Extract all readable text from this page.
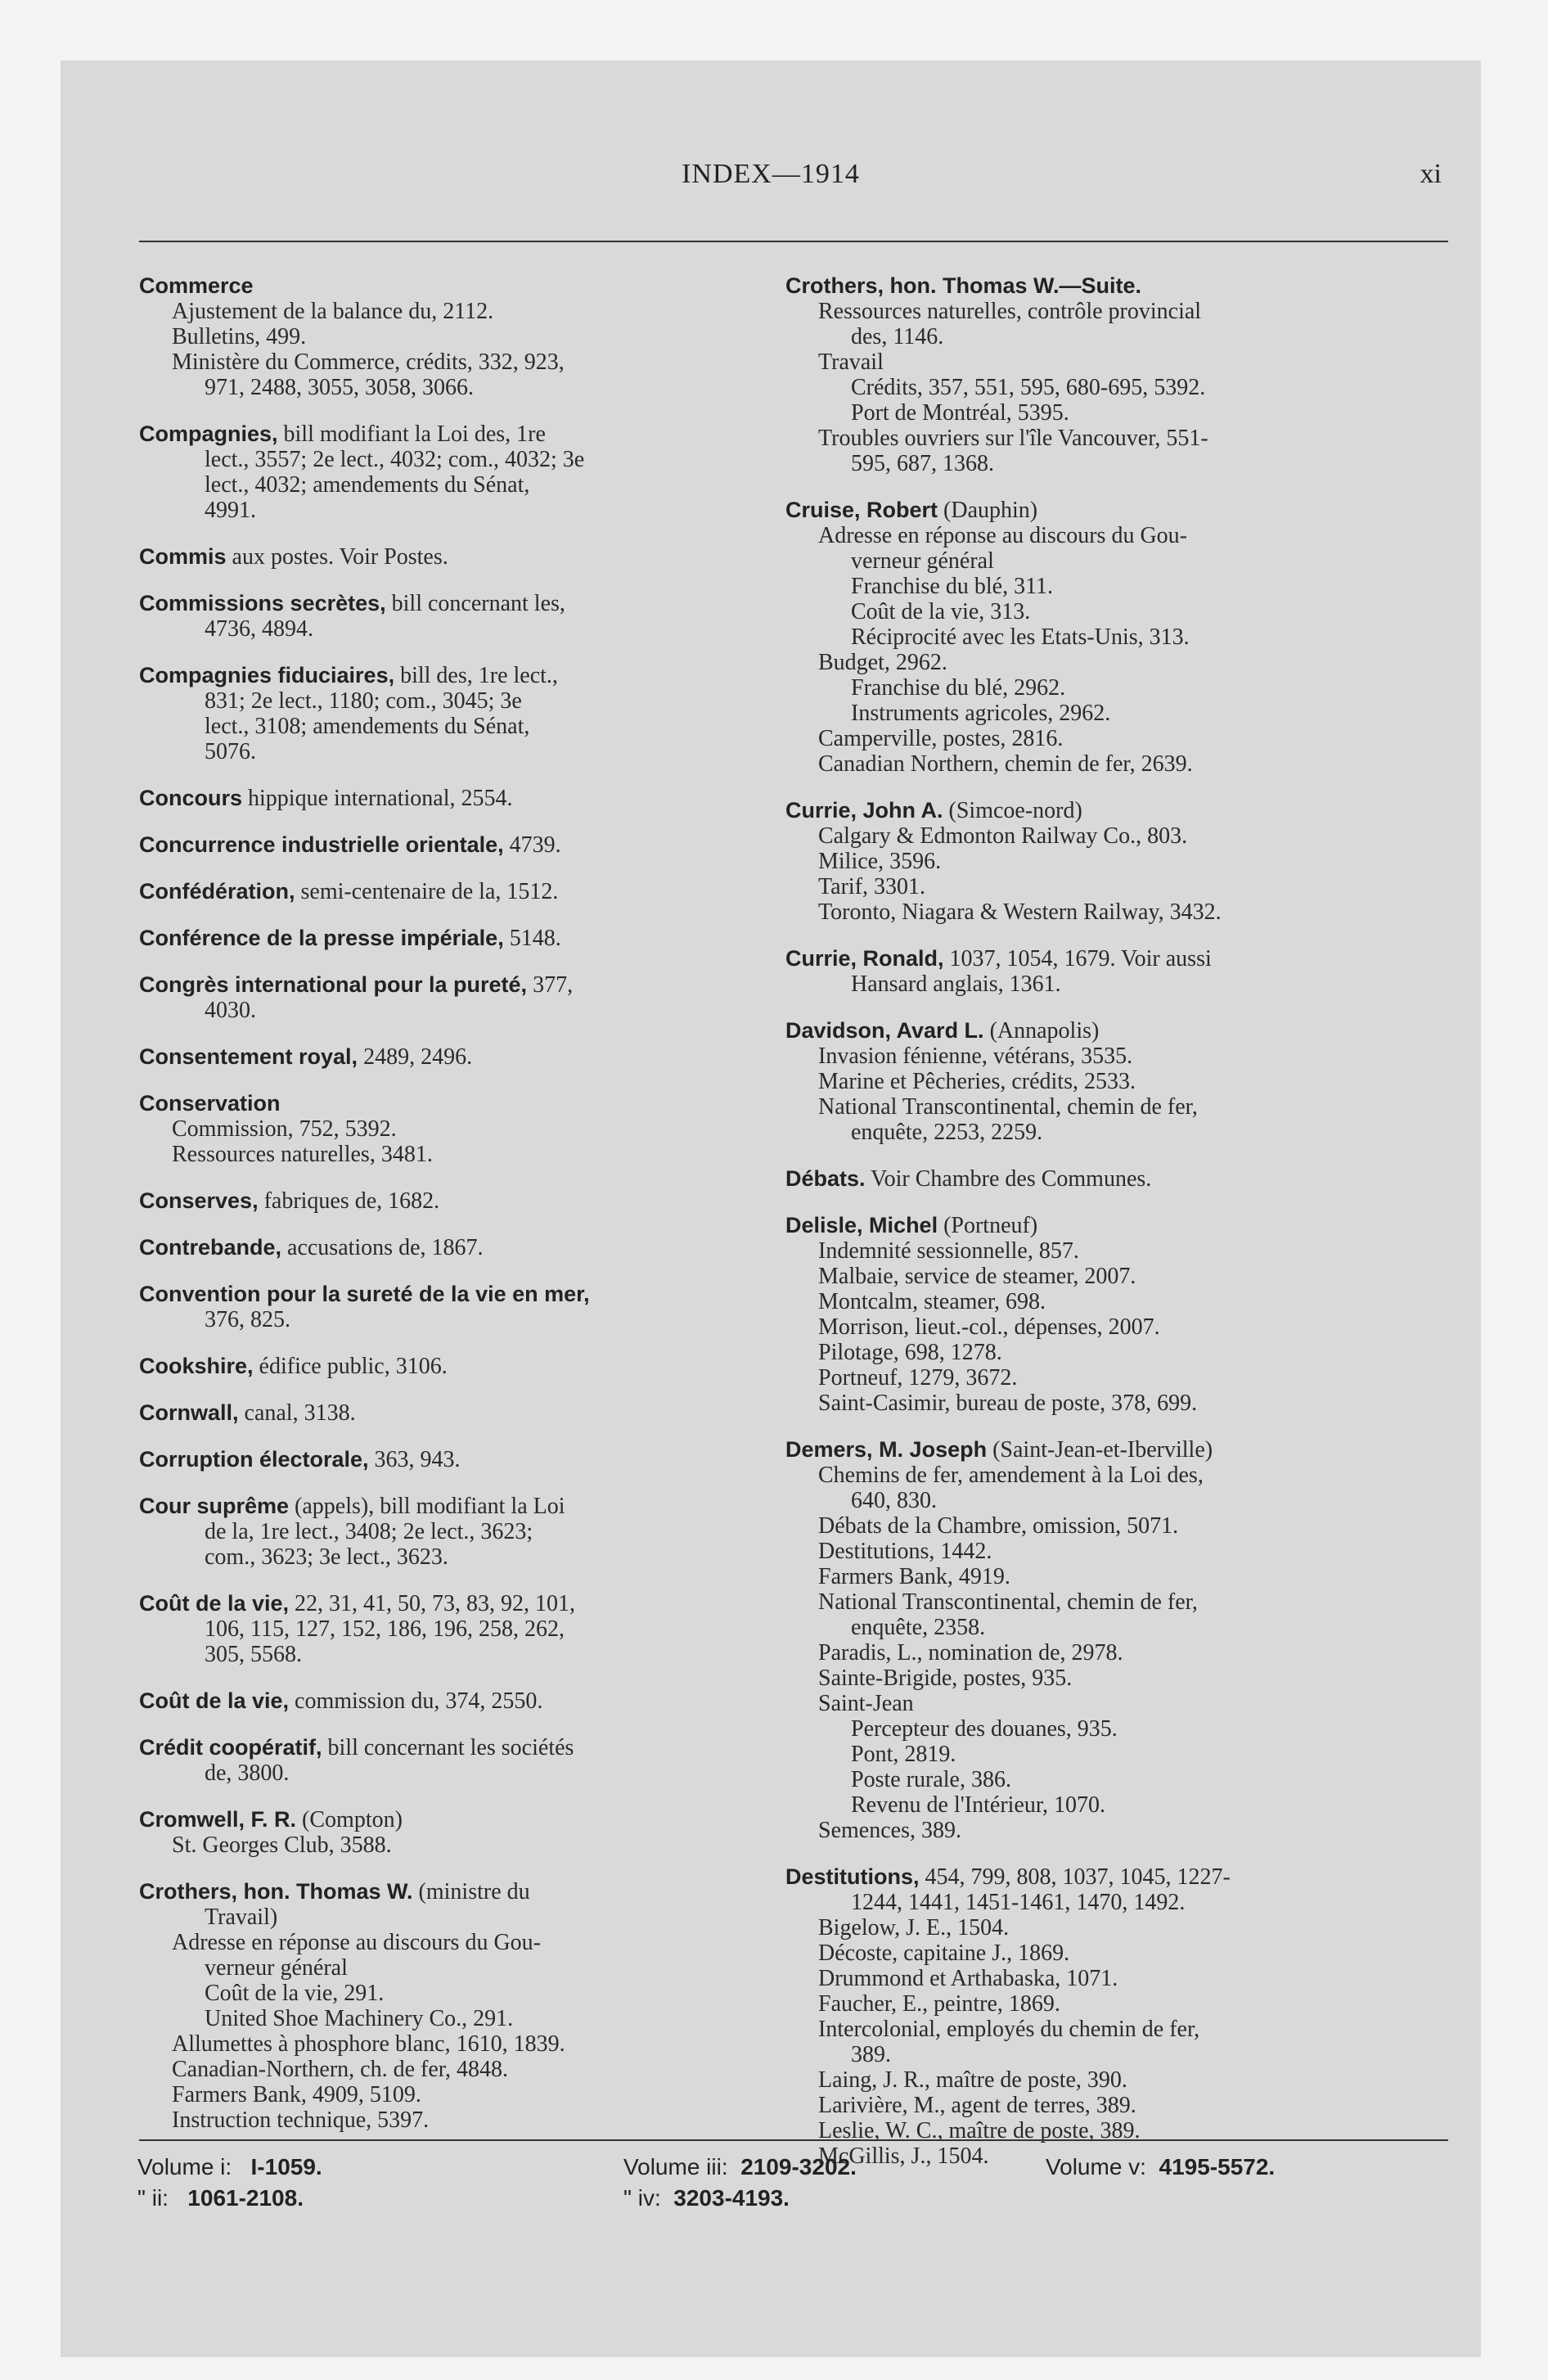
INDEX—1914	xi
Commerce
Ajustement de la balance du, 2112.
Bulletins, 499.
Ministère du Commerce, crédits, 332, 923,
971, 2488, 3055, 3058, 3066.
Compagnies, bill modifiant la Loi des, 1re
lect., 3557; 2e lect., 4032; com., 4032; 3e
lect., 4032; amendements du Sénat,
4991.
Commis aux postes. Voir Postes.
Commissions secrètes, bill concernant les,
4736, 4894.
Compagnies fiduciaires, bill des, 1re lect.,
831; 2e lect., 1180; com., 3045; 3e
lect., 3108; amendements du Sénat,
5076.
Concours hippique international, 2554.
Concurrence industrielle orientale, 4739.
Confédération, semi-centenaire de la, 1512.
Conférence de la presse impériale, 5148.
Congrès international pour la pureté, 377,
4030.
Consentement royal, 2489, 2496.
Conservation
Commission, 752, 5392.
Ressources naturelles, 3481.
Conserves, fabriques de, 1682.
Contrebande, accusations de, 1867.
Convention pour la sureté de la vie en mer,
376, 825.
Cookshire, édifice public, 3106.
Cornwall, canal, 3138.
Corruption électorale, 363, 943.
Cour suprême (appels), bill modifiant la Loi
de la, 1re lect., 3408; 2e lect., 3623;
com., 3623; 3e lect., 3623.
Coût de la vie, 22, 31, 41, 50, 73, 83, 92, 101,
106, 115, 127, 152, 186, 196, 258, 262,
305, 5568.
Coût de la vie, commission du, 374, 2550.
Crédit coopératif, bill concernant les sociétés
de, 3800.
Cromwell, F. R. (Compton)
St. Georges Club, 3588.
Crothers, hon. Thomas W. (ministre du
Travail)
Adresse en réponse au discours du Gou-
verneur général
Coût de la vie, 291.
United Shoe Machinery Co., 291.
Allumettes à phosphore blanc, 1610, 1839.
Canadian-Northern, ch. de fer, 4848.
Farmers Bank, 4909, 5109.
Instruction technique, 5397.
Crothers, hon. Thomas W.—Suite.
Ressources naturelles, contrôle provincial
des, 1146.
Travail
Crédits, 357, 551, 595, 680-695, 5392.
Port de Montréal, 5395.
Troubles ouvriers sur l'île Vancouver, 551-
595, 687, 1368.
Cruise, Robert (Dauphin)
Adresse en réponse au discours du Gou-
verneur général
Franchise du blé, 311.
Coût de la vie, 313.
Réciprocité avec les Etats-Unis, 313.
Budget, 2962.
Franchise du blé, 2962.
Instruments agricoles, 2962.
Camperville, postes, 2816.
Canadian Northern, chemin de fer, 2639.
Currie, John A. (Simcoe-nord)
Calgary & Edmonton Railway Co., 803.
Milice, 3596.
Tarif, 3301.
Toronto, Niagara & Western Railway, 3432.
Currie, Ronald, 1037, 1054, 1679. Voir aussi
Hansard anglais, 1361.
Davidson, Avard L. (Annapolis)
Invasion fénienne, vétérans, 3535.
Marine et Pêcheries, crédits, 2533.
National Transcontinental, chemin de fer,
enquête, 2253, 2259.
Débats. Voir Chambre des Communes.
Delisle, Michel (Portneuf)
Indemnité sessionnelle, 857.
Malbaie, service de steamer, 2007.
Montcalm, steamer, 698.
Morrison, lieut.-col., dépenses, 2007.
Pilotage, 698, 1278.
Portneuf, 1279, 3672.
Saint-Casimir, bureau de poste, 378, 699.
Demers, M. Joseph (Saint-Jean-et-Iberville)
Chemins de fer, amendement à la Loi des,
640, 830.
Débats de la Chambre, omission, 5071.
Destitutions, 1442.
Farmers Bank, 4919.
National Transcontinental, chemin de fer,
enquête, 2358.
Paradis, L., nomination de, 2978.
Sainte-Brigide, postes, 935.
Saint-Jean
Percepteur des douanes, 935.
Pont, 2819.
Poste rurale, 386.
Revenu de l'Intérieur, 1070.
Semences, 389.
Destitutions, 454, 799, 808, 1037, 1045, 1227-
1244, 1441, 1451-1461, 1470, 1492.
Bigelow, J. E., 1504.
Décoste, capitaine J., 1869.
Drummond et Arthabaska, 1071.
Faucher, E., peintre, 1869.
Intercolonial, employés du chemin de fer,
389.
Laing, J. R., maître de poste, 390.
Larivière, M., agent de terres, 389.
Leslie, W. C., maître de poste, 389.
McGillis, J., 1504.
Volume i: I-1059.
" ii: 1061-2108.
Volume iii: 2109-3202.
" iv: 3203-4193.
Volume v: 4195-5572.
